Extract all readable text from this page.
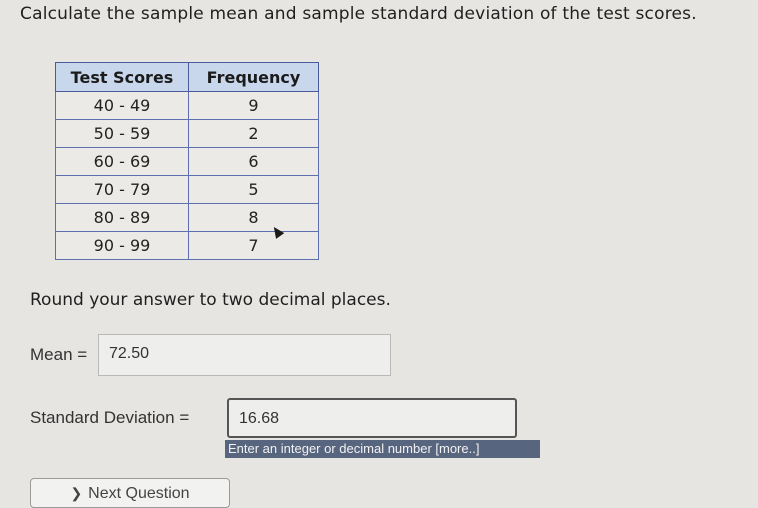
Calculate the sample mean and sample standard deviation of the test scores.
Test Scores	Frequency
40 - 49	9
50 - 59	2
60 - 69	6
70 - 79	5
80 - 89	8
90 - 99	7
Round your answer to two decimal places.
Mean =	72.50
Standard Deviation =	16.68
Enter an integer or decimal number [more..]
❯ Next Question
